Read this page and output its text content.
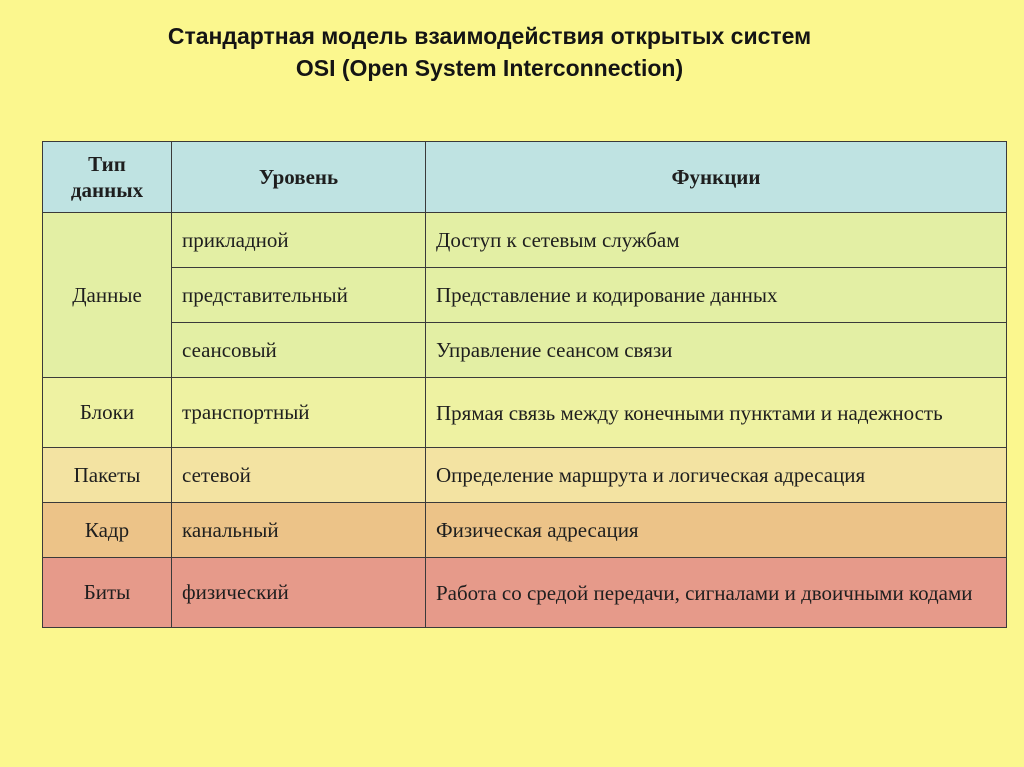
Стандартная модель взаимодействия открытых систем
OSI (Open System Interconnection)
Тип данных	Уровень	Функции
Данные	прикладной	Доступ к сетевым службам
	представительный	Представление и кодирование данных
	сеансовый	Управление сеансом связи
Блоки	транспортный	Прямая связь между конечными пунктами и надежность
Пакеты	сетевой	Определение маршрута и логическая адресация
Кадр	канальный	Физическая адресация
Биты	физический	Работа со средой передачи, сигналами и двоичными кодами
